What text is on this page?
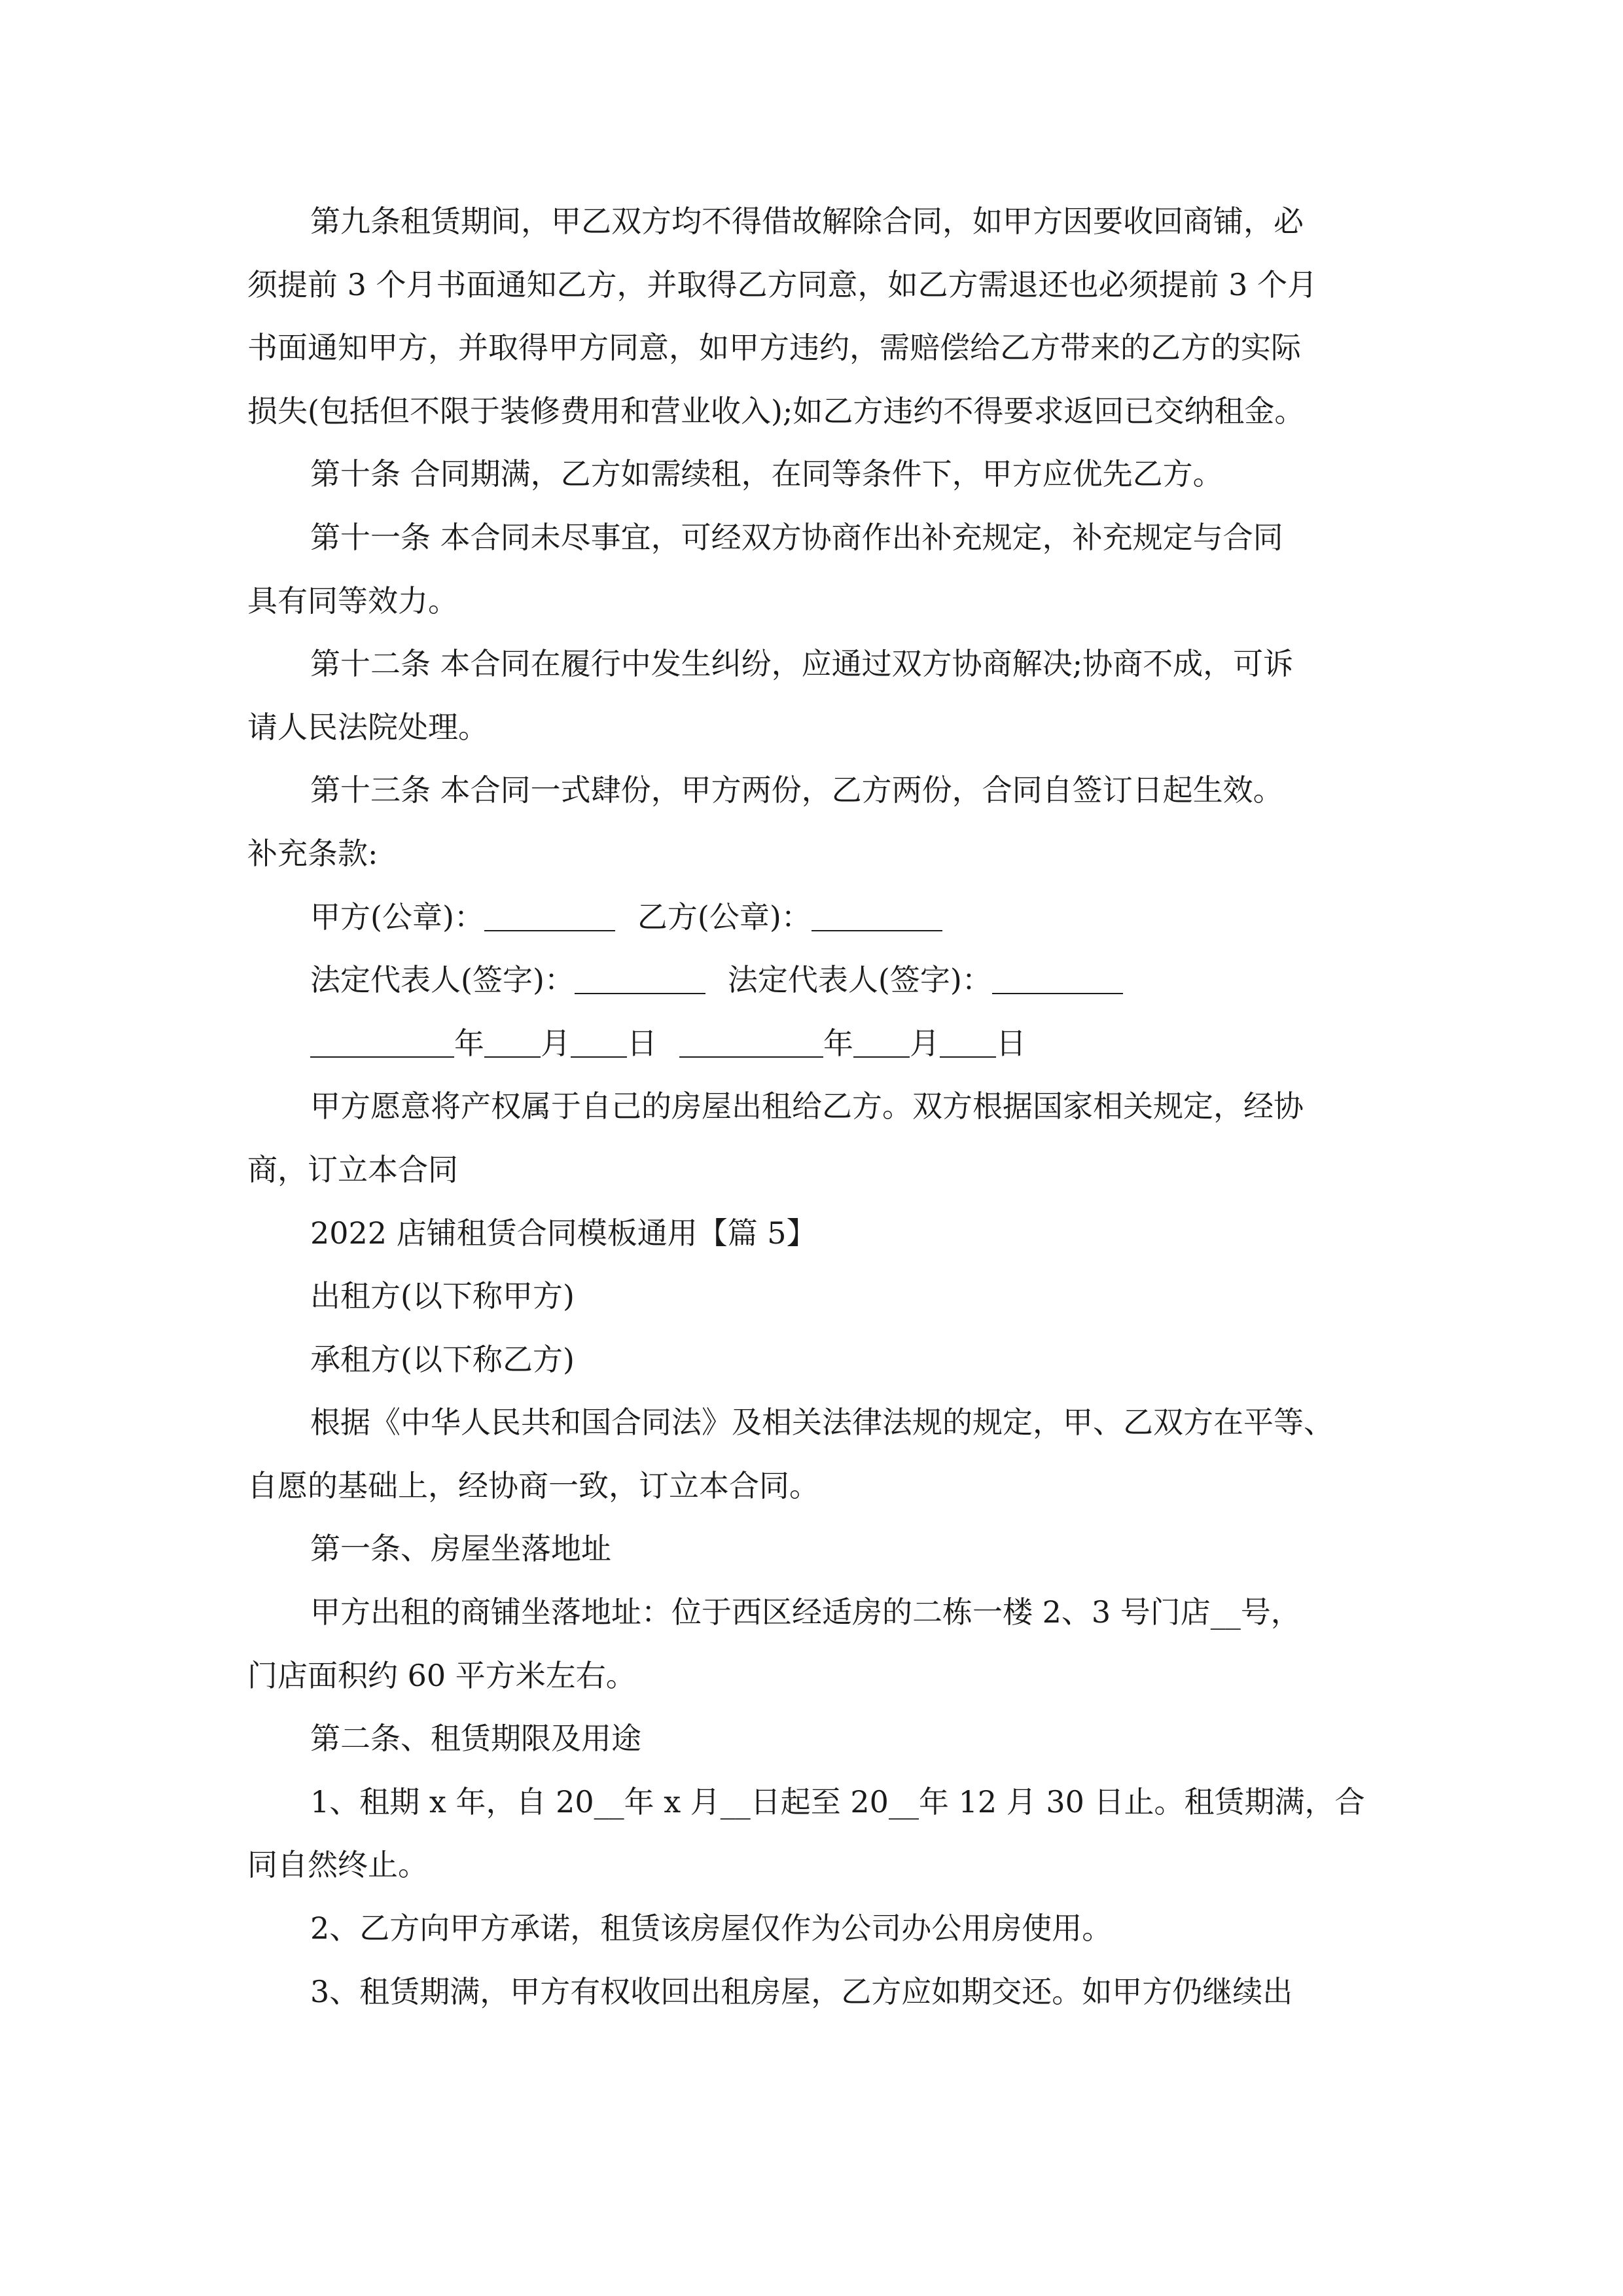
第九条租赁期间，甲乙双方均不得借故解除合同，如甲方因要收回商铺，必
须提前 3 个月书面通知乙方，并取得乙方同意，如乙方需退还也必须提前 3 个月
书面通知甲方，并取得甲方同意，如甲方违约，需赔偿给乙方带来的乙方的实际
损失(包括但不限于装修费用和营业收入);如乙方违约不得要求返回已交纳租金。
第十条 合同期满，乙方如需续租，在同等条件下，甲方应优先乙方。
第十一条 本合同未尽事宜，可经双方协商作出补充规定，补充规定与合同
具有同等效力。
第十二条 本合同在履行中发生纠纷，应通过双方协商解决;协商不成，可诉
请人民法院处理。
第十三条 本合同一式肆份，甲方两份，乙方两份，合同自签订日起生效。
补充条款:
甲方(公章)：	乙方(公章)：
法定代表人(签字)：	法定代表人(签字)：
年 月 日	年 月 日
甲方愿意将产权属于自己的房屋出租给乙方。双方根据国家相关规定，经协
商，订立本合同
2022 店铺租赁合同模板通用【篇 5】
出租方(以下称甲方)
承租方(以下称乙方)
根据《中华人民共和国合同法》及相关法律法规的规定，甲、乙双方在平等、
自愿的基础上，经协商一致，订立本合同。
第一条、房屋坐落地址
甲方出租的商铺坐落地址：位于西区经适房的二栋一楼 2、3 号门店__号，
门店面积约 60 平方米左右。
第二条、租赁期限及用途
1、租期 x 年，自 20__年 x 月__日起至 20__年 12 月 30 日止。租赁期满，合
同自然终止。
2、乙方向甲方承诺，租赁该房屋仅作为公司办公用房使用。
3、租赁期满，甲方有权收回出租房屋，乙方应如期交还。如甲方仍继续出
